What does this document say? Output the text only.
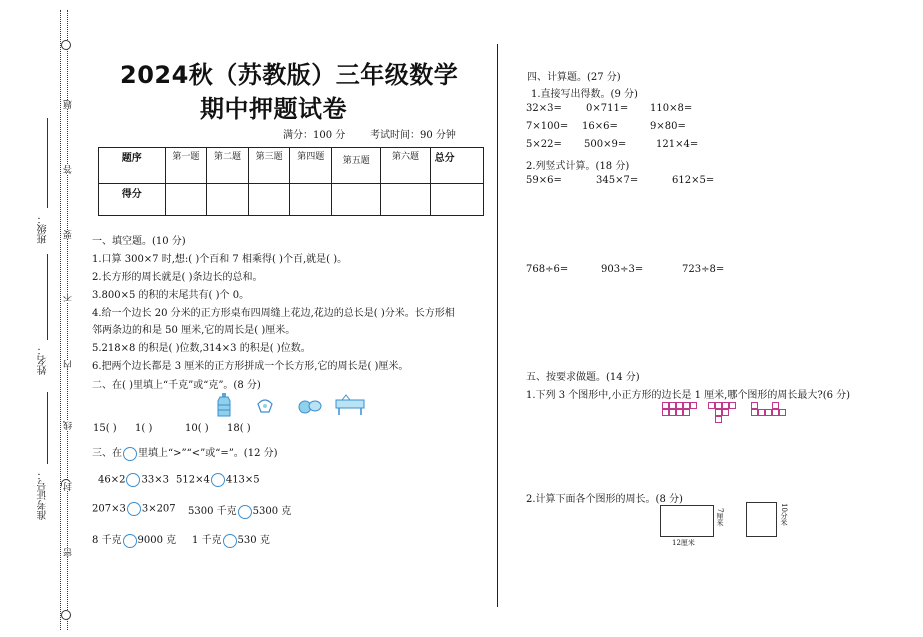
题
答
要
不
内
线
封
密
班级：
姓名：
准考证号：
2024秋（苏教版）三年级数学
期中押题试卷
满分：100 分 考试时间：90 分钟
题序	第一题	第二题	第三题	第四题	第五题	第六题	总分
得分							
一、填空题。(10 分)
1.口算 300×7 时,想:( )个百和 7 相乘得( )个百,就是( )。
2.长方形的周长就是( )条边长的总和。
3.800×5 的积的末尾共有( )个 0。
4.给一个边长 20 分米的正方形桌布四周缝上花边,花边的总长是( )分米。长方形相
邻两条边的和是 50 厘米,它的周长是( )厘米。
5.218×8 的积是( )位数,314×3 的积是( )位数。
6.把两个边长都是 3 厘米的正方形拼成一个长方形,它的周长是( )厘米。
二、在( )里填上“千克”或“克”。(8 分)
15( ) 1( )	10( ) 18( )
三、在 里填上“>”“<”或“=”。(12 分)
46×2 33×3 512×4 413×5
207×3 3×207 5300 千克 5300 克
8 千克 9000 克 1 千克 530 克
四、计算题。(27 分)
1.直接写出得数。(9 分)
32×3= 0×711= 110×8=
7×100= 16×6=	9×80=
5×22= 500×9=	121×4=
2.列竖式计算。(18 分)
59×6=	345×7=	612×5=
768÷6=	903÷3=	723÷8=
五、按要求做题。(14 分)
1.下列 3 个图形中,小正方形的边长是 1 厘米,哪个图形的周长最大?(6 分)
2.计算下面各个图形的周长。(8 分)
12厘米
7厘米	10分米
